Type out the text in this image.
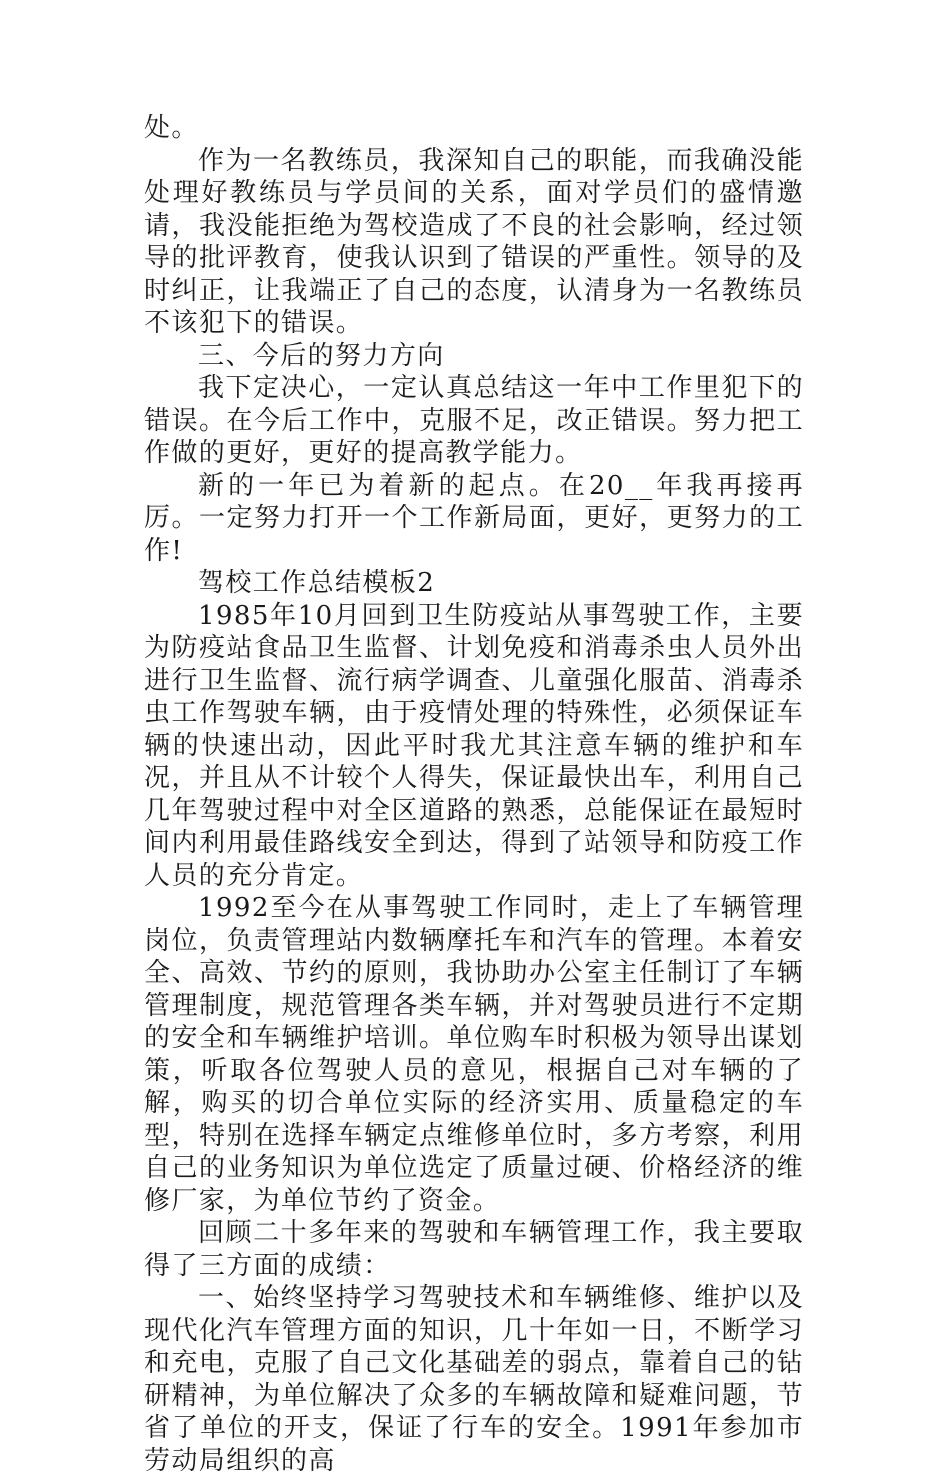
处。

作为一名教练员，我深知自己的职能，而我确没能处理好教练员与学员间的关系，面对学员们的盛情邀请，我没能拒绝为驾校造成了不良的社会影响，经过领导的批评教育，使我认识到了错误的严重性。领导的及时纠正，让我端正了自己的态度，认清身为一名教练员不该犯下的错误。

三、今后的努力方向

我下定决心，一定认真总结这一年中工作里犯下的错误。在今后工作中，克服不足，改正错误。努力把工作做的更好，更好的提高教学能力。

新的一年已为着新的起点。在20__年我再接再厉。一定努力打开一个工作新局面，更好，更努力的工作!

驾校工作总结模板2

1985年10月回到卫生防疫站从事驾驶工作，主要为防疫站食品卫生监督、计划免疫和消毒杀虫人员外出进行卫生监督、流行病学调查、儿童强化服苗、消毒杀虫工作驾驶车辆，由于疫情处理的特殊性，必须保证车辆的快速出动，因此平时我尤其注意车辆的维护和车况，并且从不计较个人得失，保证最快出车，利用自己几年驾驶过程中对全区道路的熟悉，总能保证在最短时间内利用最佳路线安全到达，得到了站领导和防疫工作人员的充分肯定。

1992至今在从事驾驶工作同时，走上了车辆管理岗位，负责管理站内数辆摩托车和汽车的管理。本着安全、高效、节约的原则，我协助办公室主任制订了车辆管理制度，规范管理各类车辆，并对驾驶员进行不定期的安全和车辆维护培训。单位购车时积极为领导出谋划策，听取各位驾驶人员的意见，根据自己对车辆的了解，购买的切合单位实际的经济实用、质量稳定的车型，特别在选择车辆定点维修单位时，多方考察，利用自己的业务知识为单位选定了质量过硬、价格经济的维修厂家，为单位节约了资金。

回顾二十多年来的驾驶和车辆管理工作，我主要取得了三方面的成绩：

一、始终坚持学习驾驶技术和车辆维修、维护以及现代化汽车管理方面的知识，几十年如一日，不断学习和充电，克服了自己文化基础差的弱点，靠着自己的钻研精神，为单位解决了众多的车辆故障和疑难问题，节省了单位的开支，保证了行车的安全。1991年参加市劳动局组织的高
